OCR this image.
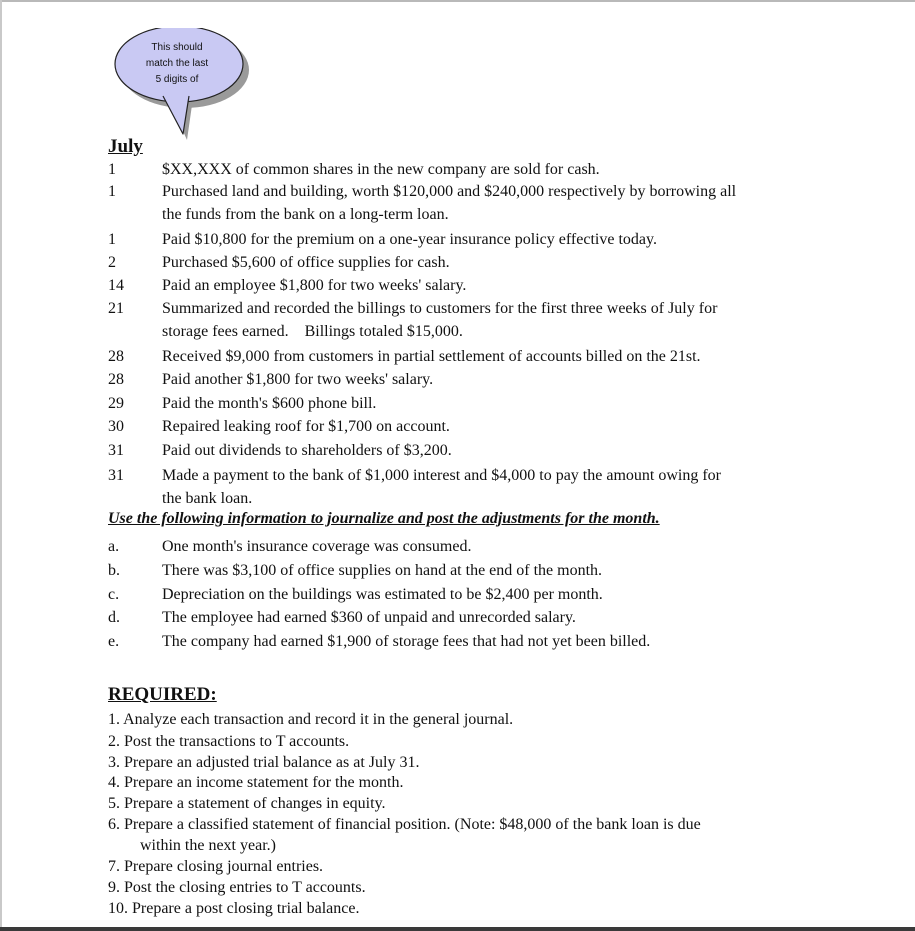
This should
match the last
5 digits of
July
1	$XX,XXX of common shares in the new company are sold for cash.
1	Purchased land and building, worth $120,000 and $240,000 respectively by borrowing all
the funds from the bank on a long-term loan.
1	Paid $10,800 for the premium on a one-year insurance policy effective today.
2	Purchased $5,600 of office supplies for cash.
14	Paid an employee $1,800 for two weeks' salary.
21	Summarized and recorded the billings to customers for the first three weeks of July for
storage fees earned.    Billings totaled $15,000.
28	Received $9,000 from customers in partial settlement of accounts billed on the 21st.
28	Paid another $1,800 for two weeks' salary.
29	Paid the month's $600 phone bill.
30	Repaired leaking roof for $1,700 on account.
31	Paid out dividends to shareholders of $3,200.
31	Made a payment to the bank of $1,000 interest and $4,000 to pay the amount owing for
the bank loan.
Use the following information to journalize and post the adjustments for the month.
a.	One month's insurance coverage was consumed.
b.	There was $3,100 of office supplies on hand at the end of the month.
c.	Depreciation on the buildings was estimated to be $2,400 per month.
d.	The employee had earned $360 of unpaid and unrecorded salary.
e.	The company had earned $1,900 of storage fees that had not yet been billed.
REQUIRED:
1. Analyze each transaction and record it in the general journal.
2. Post the transactions to T accounts.
3. Prepare an adjusted trial balance as at July 31.
4. Prepare an income statement for the month.
5. Prepare a statement of changes in equity.
6. Prepare a classified statement of financial position. (Note: $48,000 of the bank loan is due
within the next year.)
7. Prepare closing journal entries.
9. Post the closing entries to T accounts.
10. Prepare a post closing trial balance.
